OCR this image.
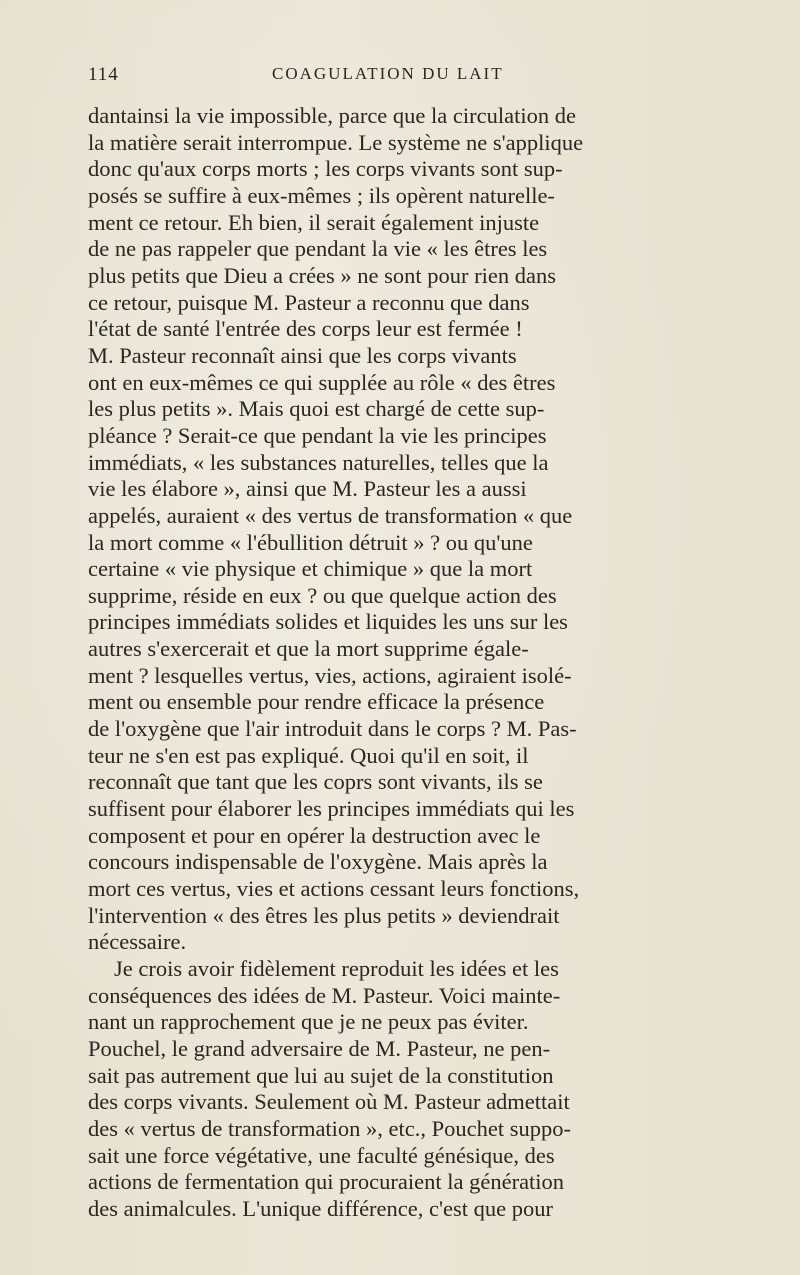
114	COAGULATION DU LAIT
dantainsi la vie impossible, parce que la circulation de
la matière serait interrompue. Le système ne s'applique
donc qu'aux corps morts ; les corps vivants sont sup-
posés se suffire à eux-mêmes ; ils opèrent naturelle-
ment ce retour. Eh bien, il serait également injuste
de ne pas rappeler que pendant la vie « les êtres les
plus petits que Dieu a crées » ne sont pour rien dans
ce retour, puisque M. Pasteur a reconnu que dans
l'état de santé l'entrée des corps leur est fermée !
M. Pasteur reconnaît ainsi que les corps vivants
ont en eux-mêmes ce qui supplée au rôle « des êtres
les plus petits ». Mais quoi est chargé de cette sup-
pléance ? Serait-ce que pendant la vie les principes
immédiats, « les substances naturelles, telles que la
vie les élabore », ainsi que M. Pasteur les a aussi
appelés, auraient « des vertus de transformation « que
la mort comme « l'ébullition détruit » ? ou qu'une
certaine « vie physique et chimique » que la mort
supprime, réside en eux ? ou que quelque action des
principes immédiats solides et liquides les uns sur les
autres s'exercerait et que la mort supprime égale-
ment ? lesquelles vertus, vies, actions, agiraient isolé-
ment ou ensemble pour rendre efficace la présence
de l'oxygène que l'air introduit dans le corps ? M. Pas-
teur ne s'en est pas expliqué. Quoi qu'il en soit, il
reconnaît que tant que les coprs sont vivants, ils se
suffisent pour élaborer les principes immédiats qui les
composent et pour en opérer la destruction avec le
concours indispensable de l'oxygène. Mais après la
mort ces vertus, vies et actions cessant leurs fonctions,
l'intervention « des êtres les plus petits » deviendrait
nécessaire.
Je crois avoir fidèlement reproduit les idées et les
conséquences des idées de M. Pasteur. Voici mainte-
nant un rapprochement que je ne peux pas éviter.
Pouchel, le grand adversaire de M. Pasteur, ne pen-
sait pas autrement que lui au sujet de la constitution
des corps vivants. Seulement où M. Pasteur admettait
des « vertus de transformation », etc., Pouchet suppo-
sait une force végétative, une faculté génésique, des
actions de fermentation qui procuraient la génération
des animalcules. L'unique différence, c'est que pour
